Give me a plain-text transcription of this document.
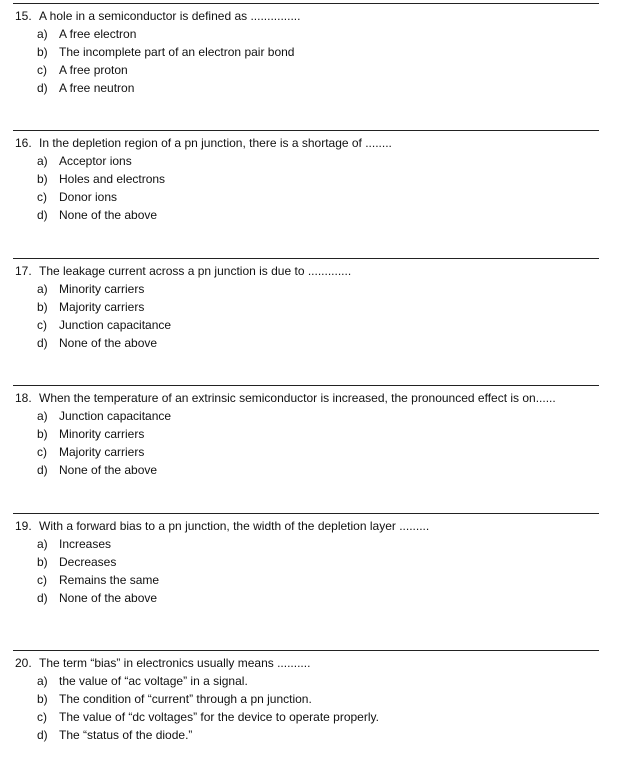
15. A hole in a semiconductor is defined as ...............
a) A free electron
b) The incomplete part of an electron pair bond
c) A free proton
d) A free neutron
16. In the depletion region of a pn junction, there is a shortage of ........
a) Acceptor ions
b) Holes and electrons
c) Donor ions
d) None of the above
17. The leakage current across a pn junction is due to .............
a) Minority carriers
b) Majority carriers
c) Junction capacitance
d) None of the above
18. When the temperature of an extrinsic semiconductor is increased, the pronounced effect is on......
a) Junction capacitance
b) Minority carriers
c) Majority carriers
d) None of the above
19. With a forward bias to a pn junction, the width of the depletion layer .........
a) Increases
b) Decreases
c) Remains the same
d) None of the above
20. The term “bias” in electronics usually means ..........
a) the value of “ac voltage” in a signal.
b) The condition of “current” through a pn junction.
c) The value of “dc voltages” for the device to operate properly.
d) The “status of the diode.”
